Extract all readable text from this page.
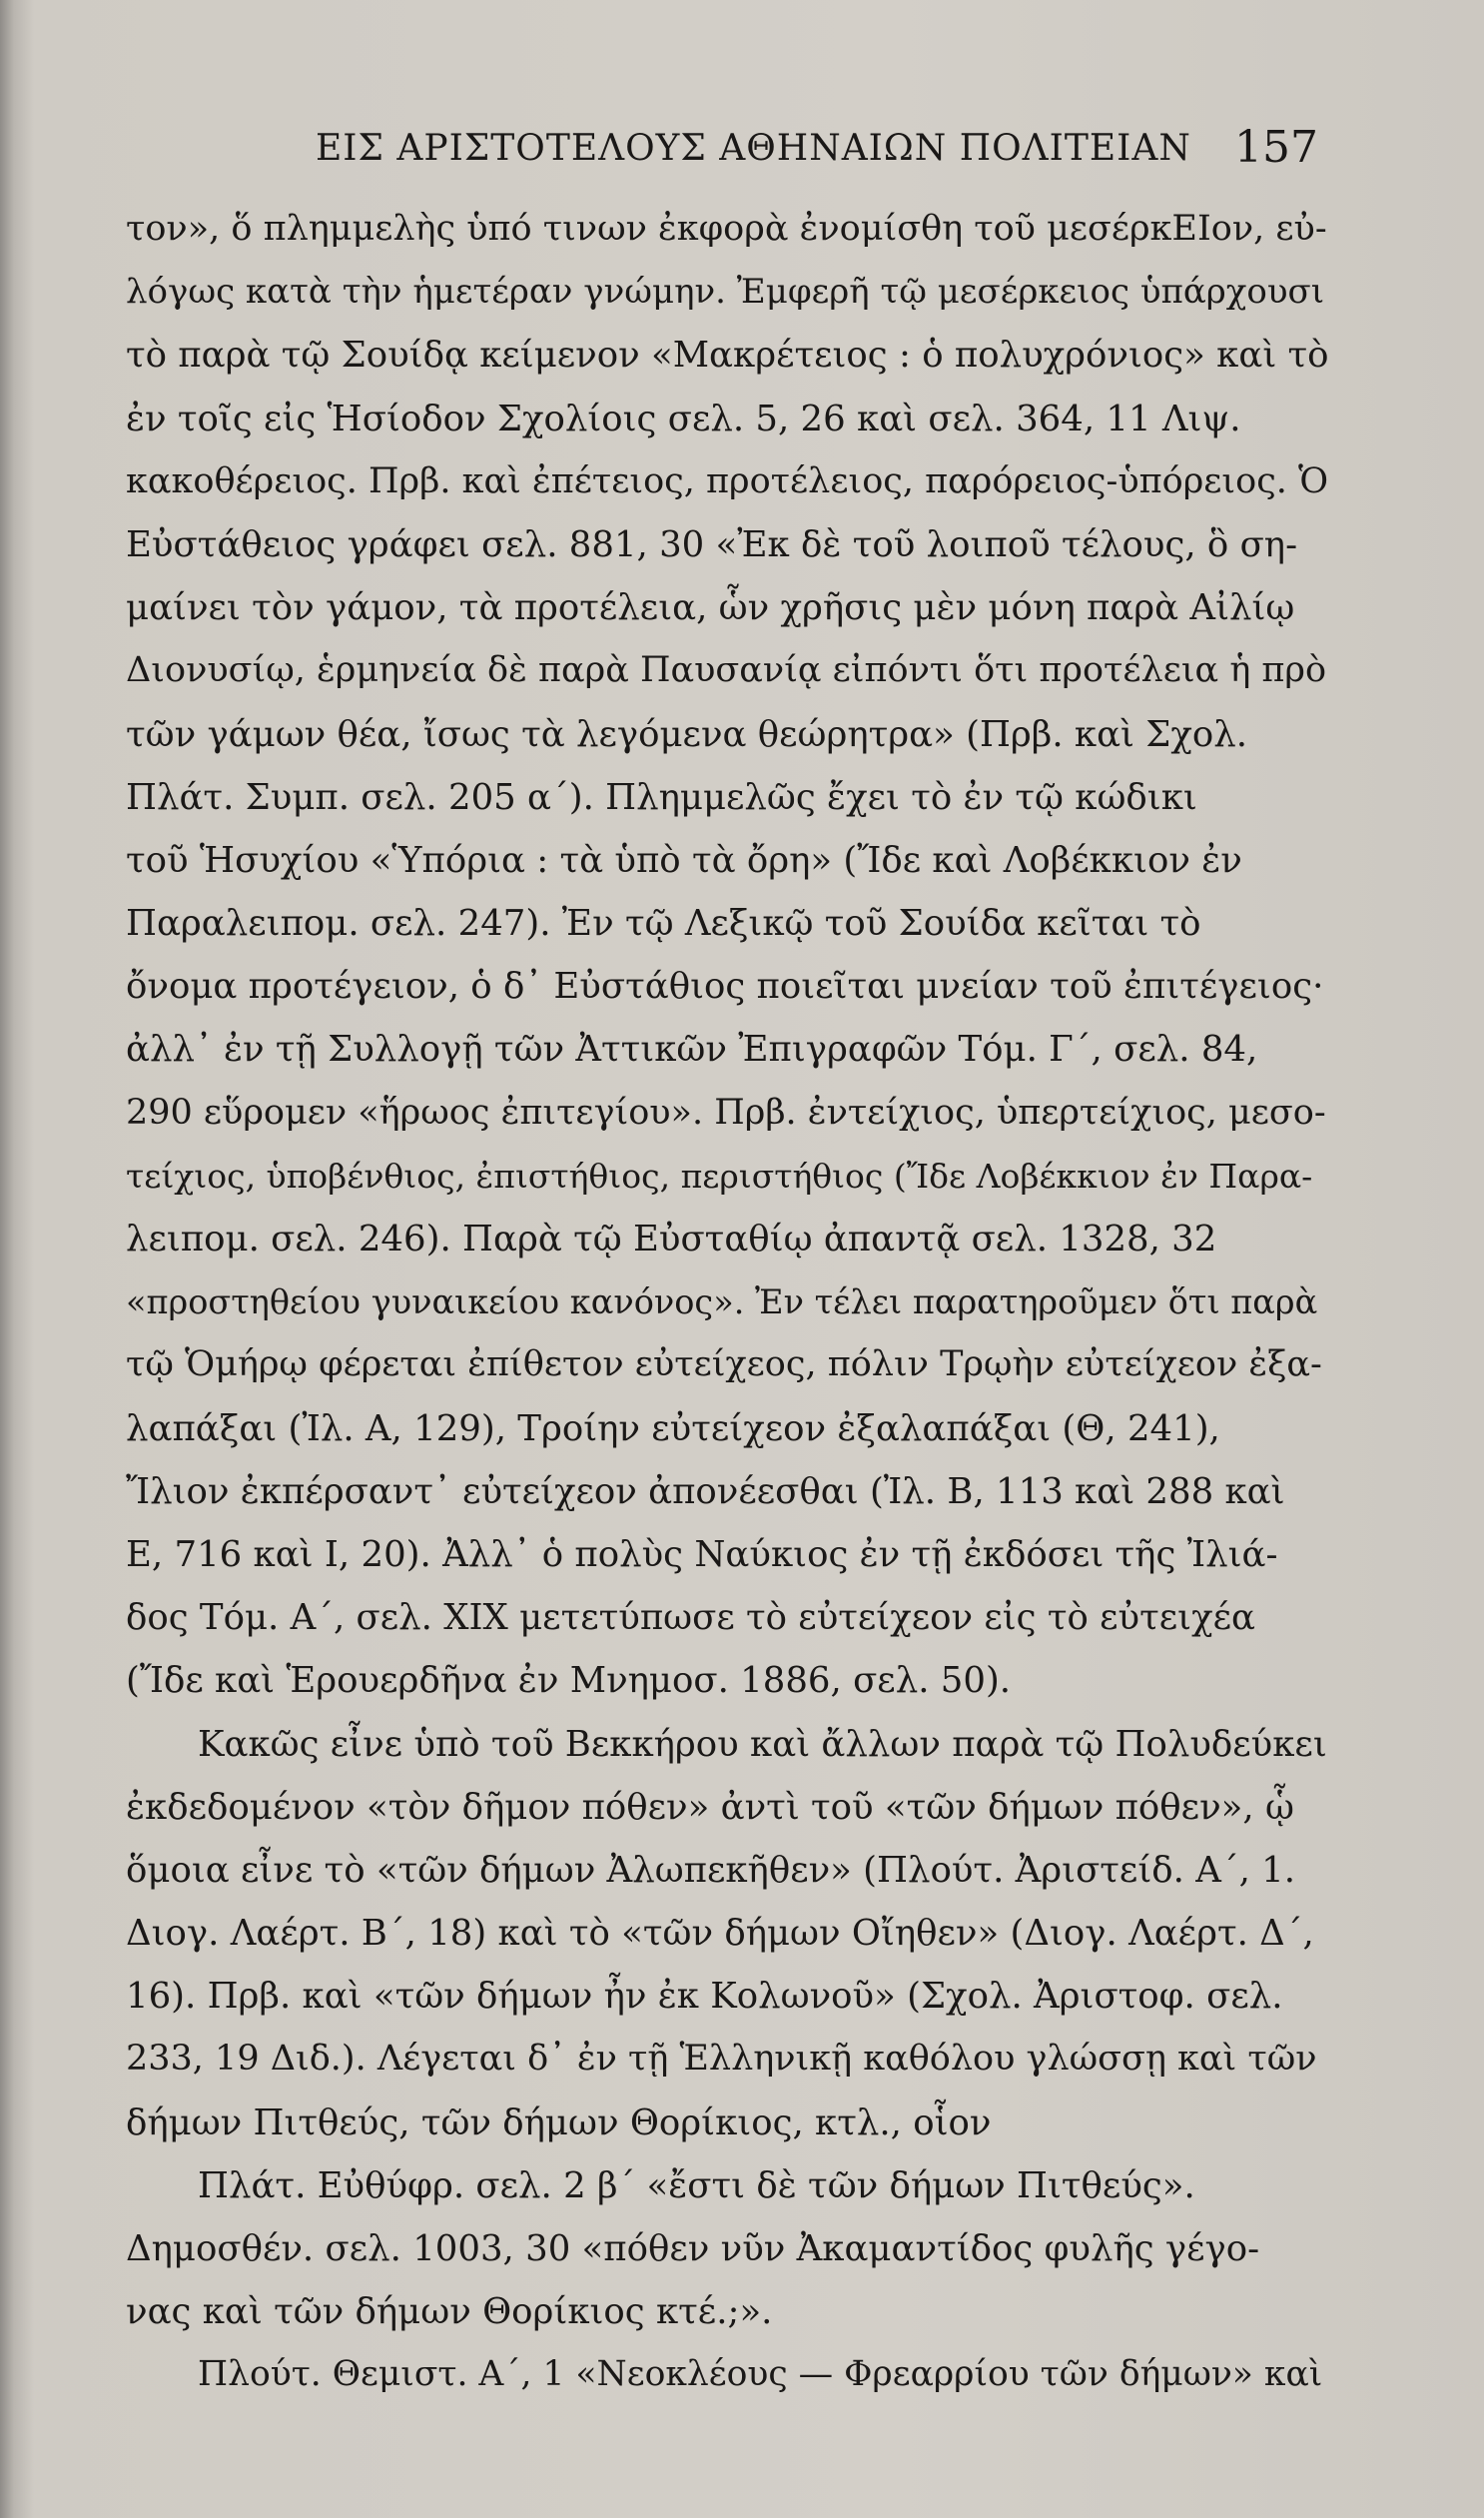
ΕΙΣ ΑΡΙΣΤΟΤΕΛΟΥΣ ΑΘΗΝΑΙΩΝ ΠΟΛΙΤΕΙΑΝ 157
τον», ὅ πλημμελὴς ὑπό τινων ἐκφορὰ ἐνομίσθη τοῦ μεσέρκΕΙον, εὐ-
λόγως κατὰ τὴν ἡμετέραν γνώμην. Ἐμφερῆ τῷ μεσέρκειος ὑπάρχουσι
τὸ παρὰ τῷ Σουίδᾳ κείμενον «Μακρέτειος : ὁ πολυχρόνιος» καὶ τὸ
ἐν τοῖς εἰς Ἡσίοδον Σχολίοις σελ. 5, 26 καὶ σελ. 364, 11 Λιψ.
κακοθέρειος. Πρβ. καὶ ἐπέτειος, προτέλειος, παρόρειος-ὑπόρειος. Ὁ
Εὐστάθειος γράφει σελ. 881, 30 «Ἐκ δὲ τοῦ λοιποῦ τέλους, ὃ ση-
μαίνει τὸν γάμον, τὰ προτέλεια, ὧν χρῆσις μὲν μόνη παρὰ Αἰλίῳ
Διονυσίῳ, ἑρμηνεία δὲ παρὰ Παυσανίᾳ εἰπόντι ὅτι προτέλεια ἡ πρὸ
τῶν γάμων θέα, ἴσως τὰ λεγόμενα θεώρητρα» (Πρβ. καὶ Σχολ.
Πλάτ. Συμπ. σελ. 205 α΄). Πλημμελῶς ἔχει τὸ ἐν τῷ κώδικι
τοῦ Ἡσυχίου «Ὑπόρια : τὰ ὑπὸ τὰ ὄρη» (Ἴδε καὶ Λοβέκκιον ἐν
Παραλειπομ. σελ. 247). Ἐν τῷ Λεξικῷ τοῦ Σουίδα κεῖται τὸ
ὄνομα προτέγειον, ὁ δ᾽ Εὐστάθιος ποιεῖται μνείαν τοῦ ἐπιτέγειος·
ἀλλ᾽ ἐν τῇ Συλλογῇ τῶν Ἀττικῶν Ἐπιγραφῶν Τόμ. Γ΄, σελ. 84,
290 εὕρομεν «ἥρωος ἐπιτεγίου». Πρβ. ἐντείχιος, ὑπερτείχιος, μεσο-
τείχιος, ὑποβένθιος, ἐπιστήθιος, περιστήθιος (Ἴδε Λοβέκκιον ἐν Παρα-
λειπομ. σελ. 246). Παρὰ τῷ Εὐσταθίῳ ἀπαντᾷ σελ. 1328, 32
«προστηθείου γυναικείου κανόνος». Ἐν τέλει παρατηροῦμεν ὅτι παρὰ
τῷ Ὁμήρῳ φέρεται ἐπίθετον εὐτείχεος, πόλιν Τρῳὴν εὐτείχεον ἐξα-
λαπάξαι (Ἰλ. Α, 129), Τροίην εὐτείχεον ἐξαλαπάξαι (Θ, 241),
Ἴλιον ἐκπέρσαντ᾽ εὐτείχεον ἀπονέεσθαι (Ἰλ. Β, 113 καὶ 288 καὶ
Ε, 716 καὶ Ι, 20). Ἀλλ᾽ ὁ πολὺς Ναύκιος ἐν τῇ ἐκδόσει τῆς Ἰλιά-
δος Τόμ. Α΄, σελ. XIX μετετύπωσε τὸ εὐτείχεον εἰς τὸ εὐτειχέα
(Ἴδε καὶ Ἑρουερδῆνα ἐν Μνημοσ. 1886, σελ. 50).
Κακῶς εἶνε ὑπὸ τοῦ Βεκκήρου καὶ ἄλλων παρὰ τῷ Πολυδεύκει
ἐκδεδομένον «τὸν δῆμον πόθεν» ἀντὶ τοῦ «τῶν δήμων πόθεν», ᾧ
ὅμοια εἶνε τὸ «τῶν δήμων Ἀλωπεκῆθεν» (Πλούτ. Ἀριστείδ. Α΄, 1.
Διογ. Λαέρτ. Β΄, 18) καὶ τὸ «τῶν δήμων Οἴηθεν» (Διογ. Λαέρτ. Δ΄,
16). Πρβ. καὶ «τῶν δήμων ἦν ἐκ Κολωνοῦ» (Σχολ. Ἀριστοφ. σελ.
233, 19 Διδ.). Λέγεται δ᾽ ἐν τῇ Ἑλληνικῇ καθόλου γλώσσῃ καὶ τῶν
δήμων Πιτθεύς, τῶν δήμων Θορίκιος, κτλ., οἷον
Πλάτ. Εὐθύφρ. σελ. 2 β΄ «ἔστι δὲ τῶν δήμων Πιτθεύς».
Δημοσθέν. σελ. 1003, 30 «πόθεν νῦν Ἀκαμαντίδος φυλῆς γέγο-
νας καὶ τῶν δήμων Θορίκιος κτέ.;».
Πλούτ. Θεμιστ. Α΄, 1 «Νεοκλέους — Φρεαρρίου τῶν δήμων» καὶ
